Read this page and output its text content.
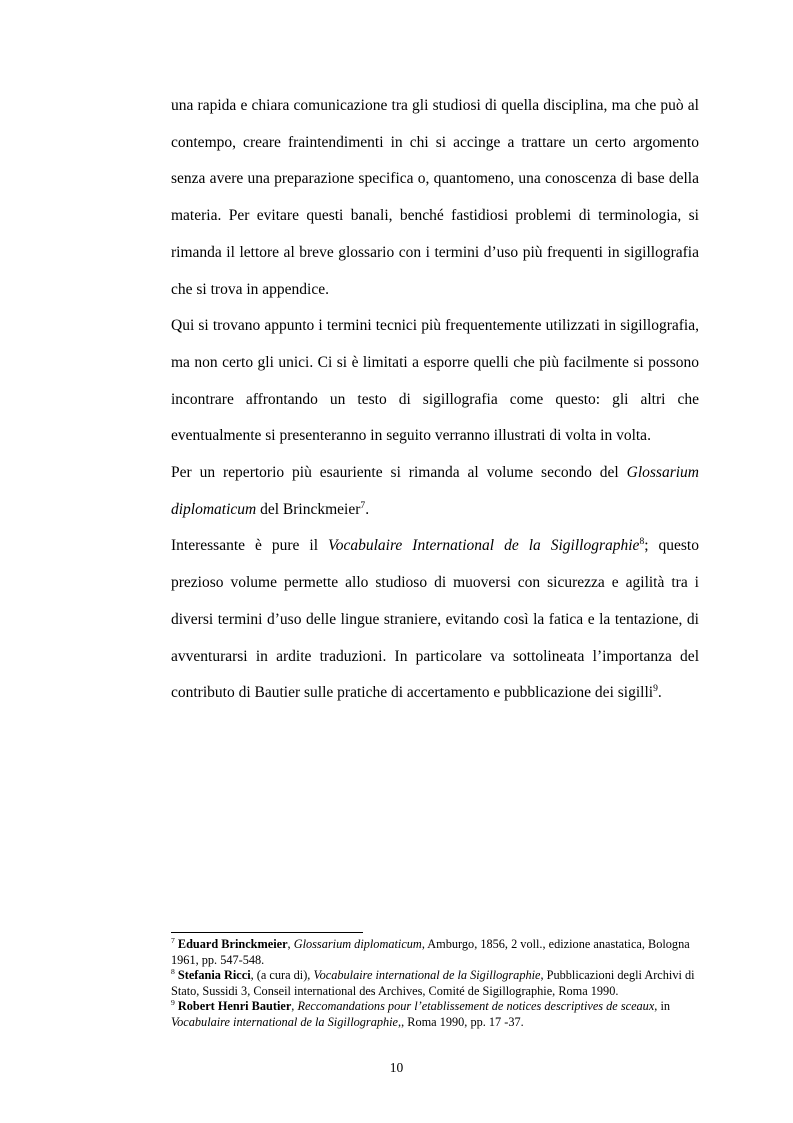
una rapida e chiara comunicazione tra gli studiosi di quella disciplina, ma che può al contempo, creare fraintendimenti in chi si accinge a trattare un certo argomento senza avere una preparazione specifica o, quantomeno, una conoscenza di base della materia. Per evitare questi banali, benché fastidiosi problemi di terminologia, si rimanda il lettore al breve glossario con i termini d’uso più frequenti in sigillografia che si trova in appendice.

Qui si trovano appunto i termini tecnici più frequentemente utilizzati in sigillografia, ma non certo gli unici. Ci si è limitati a esporre quelli che più facilmente si possono incontrare affrontando un testo di sigillografia come questo: gli altri che eventualmente si presenteranno in seguito verranno illustrati di volta in volta.

Per un repertorio più esauriente si rimanda al volume secondo del Glossarium diplomaticum del Brinckmeier$^7$.

Interessante è pure il Vocabulaire International de la Sigillographie$^8$; questo prezioso volume permette allo studioso di muoversi con sicurezza e agilità tra i diversi termini d’uso delle lingue straniere, evitando così la fatica e la tentazione, di avventurarsi in ardite traduzioni. In particolare va sottolineata l’importanza del contributo di Bautier sulle pratiche di accertamento e pubblicazione dei sigilli$^9$.

$^7$ Eduard Brinckmeier, Glossarium diplomaticum, Amburgo, 1856, 2 voll., edizione anastatica, Bologna 1961, pp. 547-548.

$^8$ Stefania Ricci, (a cura di), Vocabulaire international de la Sigillographie, Pubblicazioni degli Archivi di Stato, Sussidi 3, Conseil international des Archives, Comité de Sigillographie, Roma 1990.

$^9$ Robert Henri Bautier, Reccomandations pour l’etablissement de notices descriptives de sceaux, in Vocabulaire international de la Sigillographie,, Roma 1990, pp. 17 -37.

10
